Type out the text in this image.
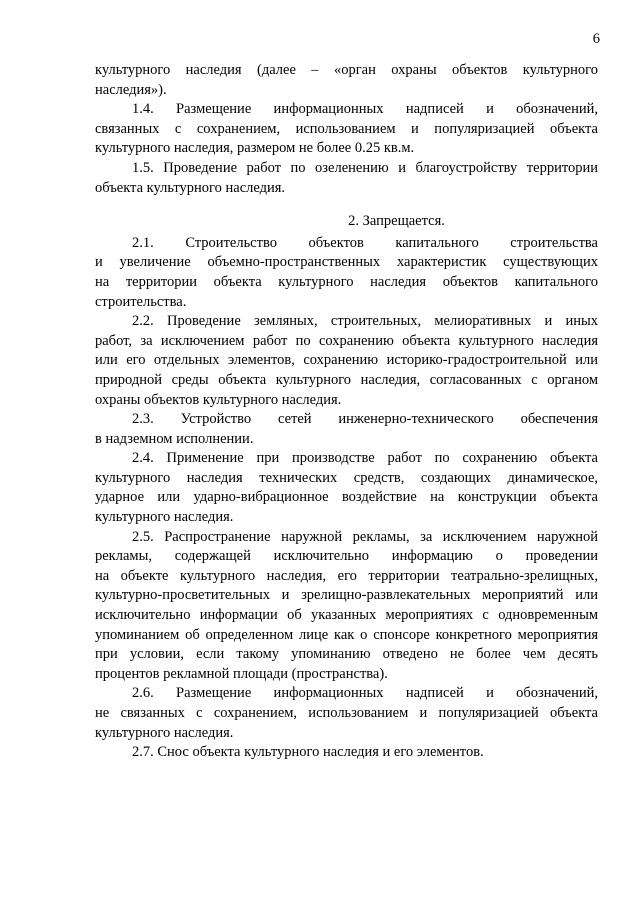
6
культурного наследия (далее – «орган охраны объектов культурного
наследия»).
1.4. Размещение информационных надписей и обозначений,
связанных с сохранением, использованием и популяризацией объекта
культурного наследия, размером не более 0.25 кв.м.
1.5. Проведение работ по озеленению и благоустройству территории
объекта культурного наследия.
2. Запрещается.
2.1. Строительство объектов капитального строительства
и увеличение объемно-пространственных характеристик существующих
на территории объекта культурного наследия объектов капитального
строительства.
2.2. Проведение земляных, строительных, мелиоративных и иных
работ, за исключением работ по сохранению объекта культурного наследия
или его отдельных элементов, сохранению историко-градостроительной или
природной среды объекта культурного наследия, согласованных с органом
охраны объектов культурного наследия.
2.3. Устройство сетей инженерно-технического обеспечения
в надземном исполнении.
2.4. Применение при производстве работ по сохранению объекта
культурного наследия технических средств, создающих динамическое,
ударное или ударно-вибрационное воздействие на конструкции объекта
культурного наследия.
2.5. Распространение наружной рекламы, за исключением наружной
рекламы, содержащей исключительно информацию о проведении
на объекте культурного наследия, его территории театрально-зрелищных,
культурно-просветительных и зрелищно-развлекательных мероприятий или
исключительно информации об указанных мероприятиях с одновременным
упоминанием об определенном лице как о спонсоре конкретного мероприятия
при условии, если такому упоминанию отведено не более чем десять
процентов рекламной площади (пространства).
2.6. Размещение информационных надписей и обозначений,
не связанных с сохранением, использованием и популяризацией объекта
культурного наследия.
2.7. Снос объекта культурного наследия и его элементов.
